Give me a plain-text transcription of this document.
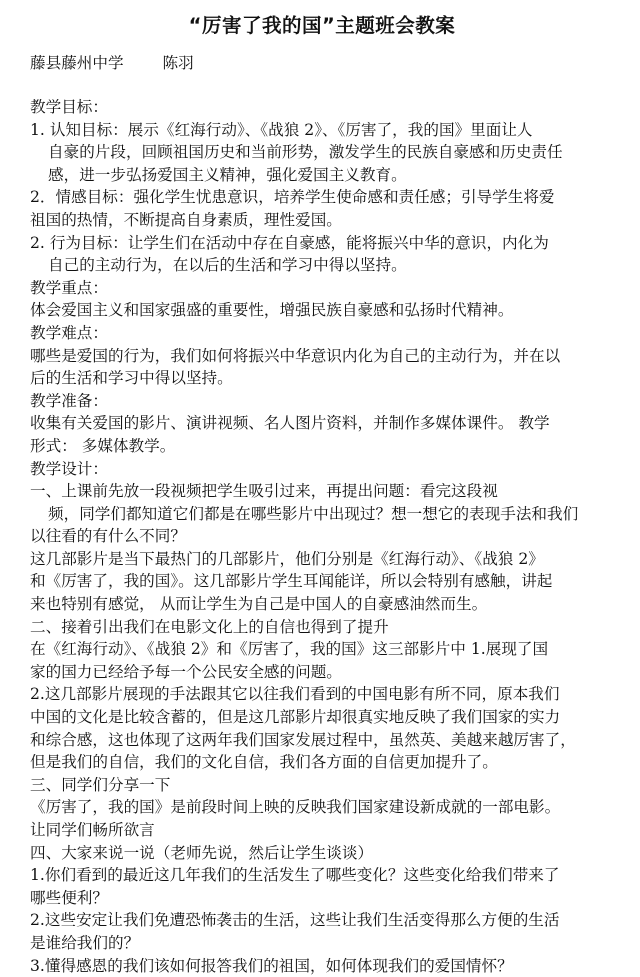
“厉害了我的国”主题班会教案
藤县藤州中学 陈羽

教学目标：

1. 认知目标：展示《红海行动》、《战狼 2》、《厉害了，我的国》里面让人

自豪的片段，回顾祖国历史和当前形势，激发学生的民族自豪感和历史责任

感，进一步弘扬爱国主义精神，强化爱国主义教育。

2．情感目标：强化学生忧患意识，培养学生使命感和责任感；引导学生将爱

祖国的热情，不断提高自身素质，理性爱国。

2. 行为目标：让学生们在活动中存在自豪感，能将振兴中华的意识，内化为

自己的主动行为，在以后的生活和学习中得以坚持。

教学重点：

体会爱国主义和国家强盛的重要性，增强民族自豪感和弘扬时代精神。

教学难点：

哪些是爱国的行为，我们如何将振兴中华意识内化为自己的主动行为，并在以

后的生活和学习中得以坚持。

教学准备：

收集有关爱国的影片、演讲视频、名人图片资料，并制作多媒体课件。 教学

形式： 多媒体教学。

教学设计：

一、上课前先放一段视频把学生吸引过来，再提出问题：看完这段视

频，同学们都知道它们都是在哪些影片中出现过？想一想它的表现手法和我们

以往看的有什么不同？

这几部影片是当下最热门的几部影片，他们分别是《红海行动》、《战狼 2》

和《厉害了，我的国》。这几部影片学生耳闻能详，所以会特别有感触，讲起

来也特别有感觉， 从而让学生为自己是中国人的自豪感油然而生。

二、接着引出我们在电影文化上的自信也得到了提升

在《红海行动》、《战狼 2》和《厉害了，我的国》这三部影片中 1.展现了国

家的国力已经给予每一个公民安全感的问题。

2.这几部影片展现的手法跟其它以往我们看到的中国电影有所不同，原本我们

中国的文化是比较含蓄的，但是这几部影片却很真实地反映了我们国家的实力

和综合感，这也体现了这两年我们国家发展过程中，虽然英、美越来越厉害了，

但是我们的自信，我们的文化自信，我们各方面的自信更加提升了。

三、同学们分享一下

《厉害了，我的国》是前段时间上映的反映我们国家建设新成就的一部电影。

让同学们畅所欲言

四、大家来说一说（老师先说，然后让学生谈谈）

1.你们看到的最近这几年我们的生活发生了哪些变化？这些变化给我们带来了

哪些便利？

2.这些安定让我们免遭恐怖袭击的生活，这些让我们生活变得那么方便的生活

是谁给我们的？

3.懂得感恩的我们该如何报答我们的祖国，如何体现我们的爱国情怀？
